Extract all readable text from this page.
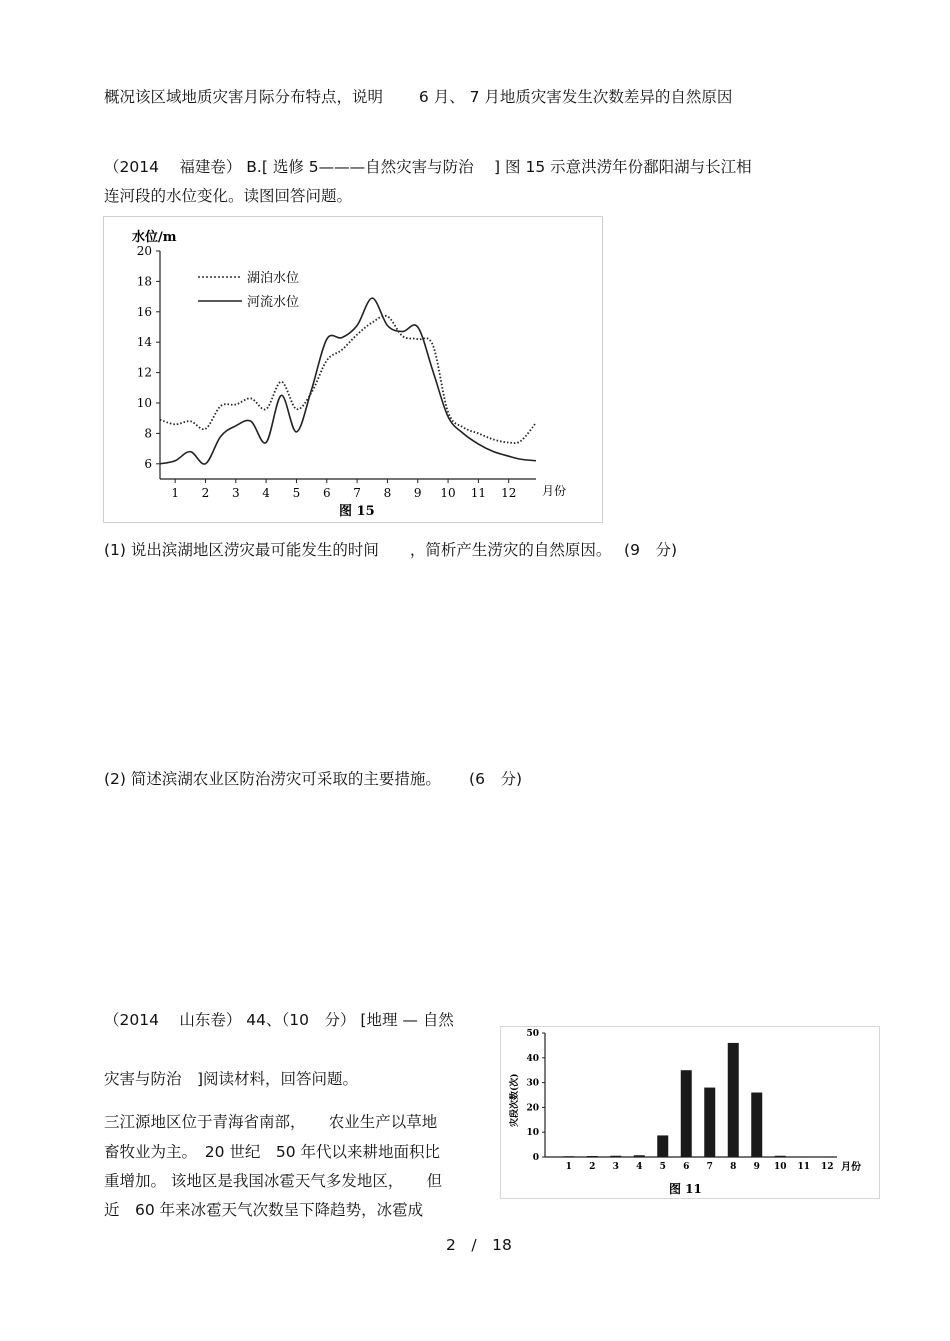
概况该区域地质灾害月际分布特点，说明　　 6 月、 7 月地质灾害发生次数差异的自然原因
（2014　 福建卷） B.[ 选修 5———自然灾害与防治　 ] 图 15 示意洪涝年份鄱阳湖与长江相
连河段的水位变化。读图回答问题。
水位/m
月份
图 15
6
8
10
12
14
16
18
20
1 2 3 4 5 6 7 8 9 10 11 12
湖泊水位
河流水位
(1) 说出滨湖地区涝灾最可能发生的时间　　，简析产生涝灾的自然原因。　 (9　分)
(2) 简述滨湖农业区防治涝灾可采取的主要措施。　　 (6　分)
（2014　 山东卷） 44、（10　分） [地理 — 自然
灾害与防治　]阅读材料，回答问题。
三江源地区位于青海省南部，　　农业生产以草地
畜牧业为主。　20 世纪　50 年代以来耕地面积比
重增加。 该地区是我国冰雹天气多发地区，　　但
近　60 年来冰雹天气次数呈下降趋势，冰雹成
灾段次数(次)
月份
图 11
0
10
20
30
40
50
1 2 3 4 5 6 7 8 9 10 11 12
2　/　18
